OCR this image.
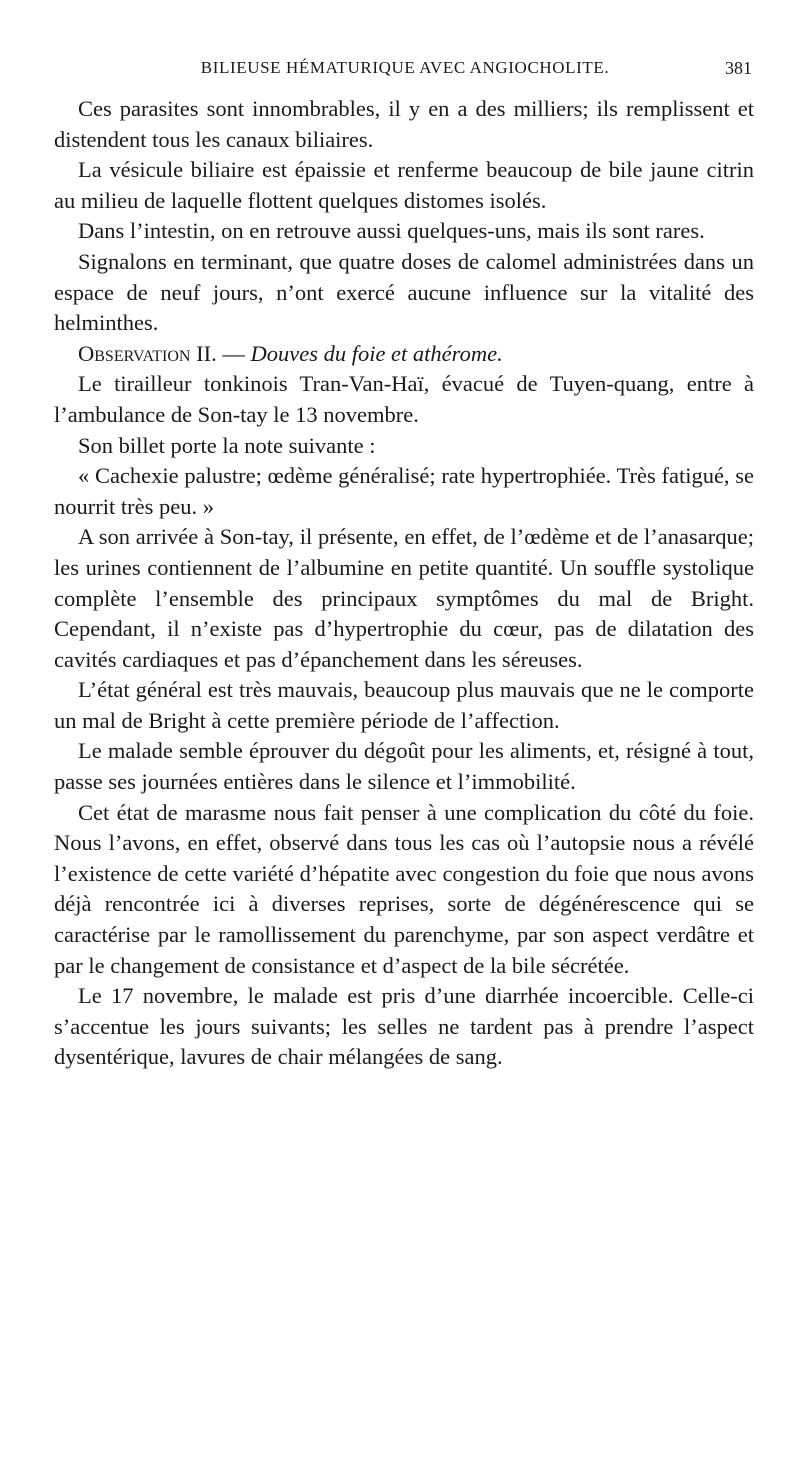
BILIEUSE HÉMATURIQUE AVEC ANGIOCHOLITE.	381

Ces parasites sont innombrables, il y en a des milliers; ils remplissent et distendent tous les canaux biliaires.

La vésicule biliaire est épaissie et renferme beaucoup de bile jaune citrin au milieu de laquelle flottent quelques distomes isolés.

Dans l’intestin, on en retrouve aussi quelques-uns, mais ils sont rares.

Signalons en terminant, que quatre doses de calomel administrées dans un espace de neuf jours, n’ont exercé aucune influence sur la vitalité des helminthes.

Observation II. — Douves du foie et athérome.

Le tirailleur tonkinois Tran-Van-Haï, évacué de Tuyen-quang, entre à l’ambulance de Son-tay le 13 novembre.

Son billet porte la note suivante :

« Cachexie palustre; œdème généralisé; rate hypertrophiée. Très fatigué, se nourrit très peu. »

A son arrivée à Son-tay, il présente, en effet, de l’œdème et de l’anasarque; les urines contiennent de l’albumine en petite quantité. Un souffle systolique complète l’ensemble des principaux symptômes du mal de Bright. Cependant, il n’existe pas d’hypertrophie du cœur, pas de dilatation des cavités cardiaques et pas d’épanchement dans les séreuses.

L’état général est très mauvais, beaucoup plus mauvais que ne le comporte un mal de Bright à cette première période de l’affection.

Le malade semble éprouver du dégoût pour les aliments, et, résigné à tout, passe ses journées entières dans le silence et l’immobilité.

Cet état de marasme nous fait penser à une complication du côté du foie. Nous l’avons, en effet, observé dans tous les cas où l’autopsie nous a révélé l’existence de cette variété d’hépatite avec congestion du foie que nous avons déjà rencontrée ici à diverses reprises, sorte de dégénérescence qui se caractérise par le ramollissement du parenchyme, par son aspect verdâtre et par le changement de consistance et d’aspect de la bile sécrétée.

Le 17 novembre, le malade est pris d’une diarrhée incoercible. Celle-ci s’accentue les jours suivants; les selles ne tardent pas à prendre l’aspect dysentérique, lavures de chair mélangées de sang.
